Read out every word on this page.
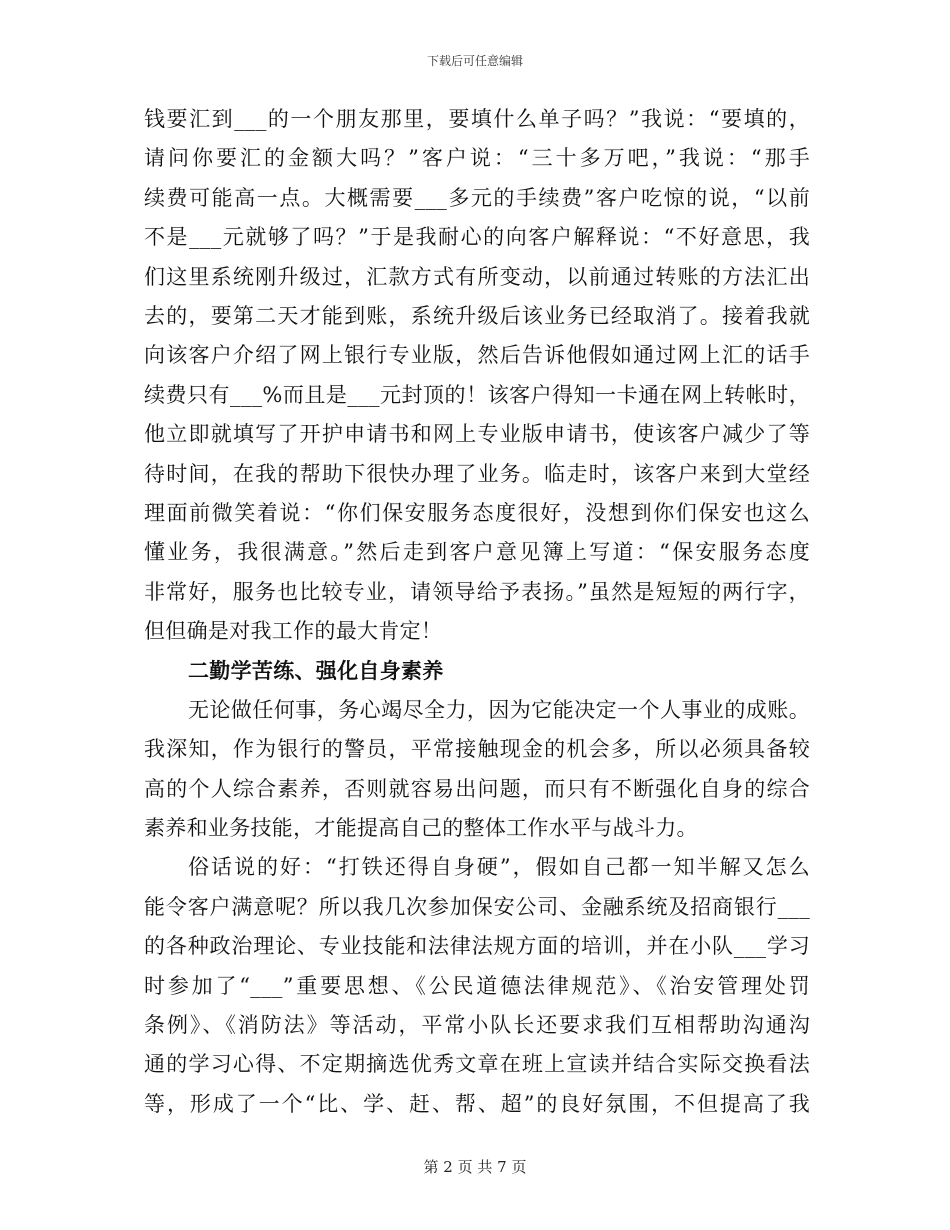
下载后可任意编辑
钱要汇到___的一个朋友那里，要填什么单子吗？”我说：“要填的，
请问你要汇的金额大吗？”客户说：“三十多万吧，”我说：“那手
续费可能高一点。大概需要___多元的手续费”客户吃惊的说，“以前
不是___元就够了吗？”于是我耐心的向客户解释说：“不好意思，我
们这里系统刚升级过，汇款方式有所变动，以前通过转账的方法汇出
去的，要第二天才能到账，系统升级后该业务已经取消了。接着我就
向该客户介绍了网上银行专业版，然后告诉他假如通过网上汇的话手
续费只有___%而且是___元封顶的！该客户得知一卡通在网上转帐时，
他立即就填写了开护申请书和网上专业版申请书，使该客户减少了等
待时间，在我的帮助下很快办理了业务。临走时，该客户来到大堂经
理面前微笑着说：“你们保安服务态度很好，没想到你们保安也这么
懂业务，我很满意。”然后走到客户意见簿上写道：“保安服务态度
非常好，服务也比较专业，请领导给予表扬。”虽然是短短的两行字，
但但确是对我工作的最大肯定！
二勤学苦练、强化自身素养
无论做任何事，务心竭尽全力，因为它能决定一个人事业的成账。
我深知，作为银行的警员，平常接触现金的机会多，所以必须具备较
高的个人综合素养，否则就容易出问题，而只有不断强化自身的综合
素养和业务技能，才能提高自己的整体工作水平与战斗力。
俗话说的好：“打铁还得自身硬”，假如自己都一知半解又怎么
能令客户满意呢？所以我几次参加保安公司、金融系统及招商银行___
的各种政治理论、专业技能和法律法规方面的培训，并在小队___学习
时参加了“___”重要思想、《公民道德法律规范》、《治安管理处罚
条例》、《消防法》等活动，平常小队长还要求我们互相帮助沟通沟
通的学习心得、不定期摘选优秀文章在班上宣读并结合实际交换看法
等，形成了一个“比、学、赶、帮、超”的良好氛围，不但提高了我
第 2 页 共 7 页
